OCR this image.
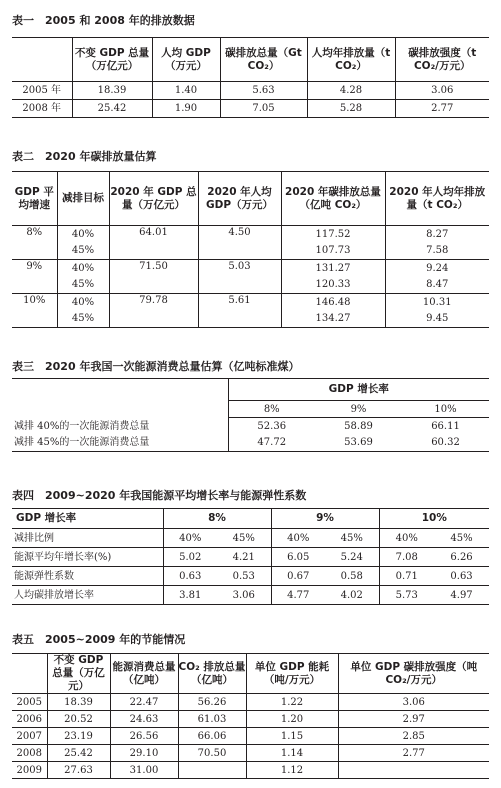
表一　2005 和 2008 年的排放数据
	不变 GDP 总量（万亿元）	人均 GDP（万元）	碳排放总量（Gt CO₂）	人均年排放量（t CO₂）	碳排放强度（t CO₂/万元）
2005 年	18.39	1.40	5.63	4.28	3.06
2008 年	25.42	1.90	7.05	5.28	2.77
表二　2020 年碳排放量估算
GDP 平均增速	减排目标	2020 年 GDP 总量（万亿元）	2020 年人均 GDP（万元）	2020 年碳排放总量（亿吨 CO₂）	2020 年人均年排放量（t CO₂）
8%	40%	64.01	4.50	117.52	8.27
	45%			107.73	7.58
9%	40%	71.50	5.03	131.27	9.24
	45%			120.33	8.47
10%	40%	79.78	5.61	146.48	10.31
	45%			134.27	9.45
表三　2020 年我国一次能源消费总量估算（亿吨标准煤）
	GDP 增长率		
	8%	9%	10%
减排 40%的一次能源消费总量	52.36	58.89	66.11
减排 45%的一次能源消费总量	47.72	53.69	60.32
表四　2009~2020 年我国能源平均增长率与能源弹性系数
GDP 增长率	8%		9%		10%	
减排比例	40%	45%	40%	45%	40%	45%
能源平均年增长率(%)	5.02	4.21	6.05	5.24	7.08	6.26
能源弹性系数	0.63	0.53	0.67	0.58	0.71	0.63
人均碳排放增长率	3.81	3.06	4.77	4.02	5.73	4.97
表五　2005~2009 年的节能情况
	不变 GDP 总量（万亿元）	能源消费总量（亿吨）	CO₂ 排放总量（亿吨）	单位 GDP 能耗（吨/万元）	单位 GDP 碳排放强度（吨 CO₂/万元）
2005	18.39	22.47	56.26	1.22	3.06
2006	20.52	24.63	61.03	1.20	2.97
2007	23.19	26.56	66.06	1.15	2.85
2008	25.42	29.10	70.50	1.14	2.77
2009	27.63	31.00		1.12	
